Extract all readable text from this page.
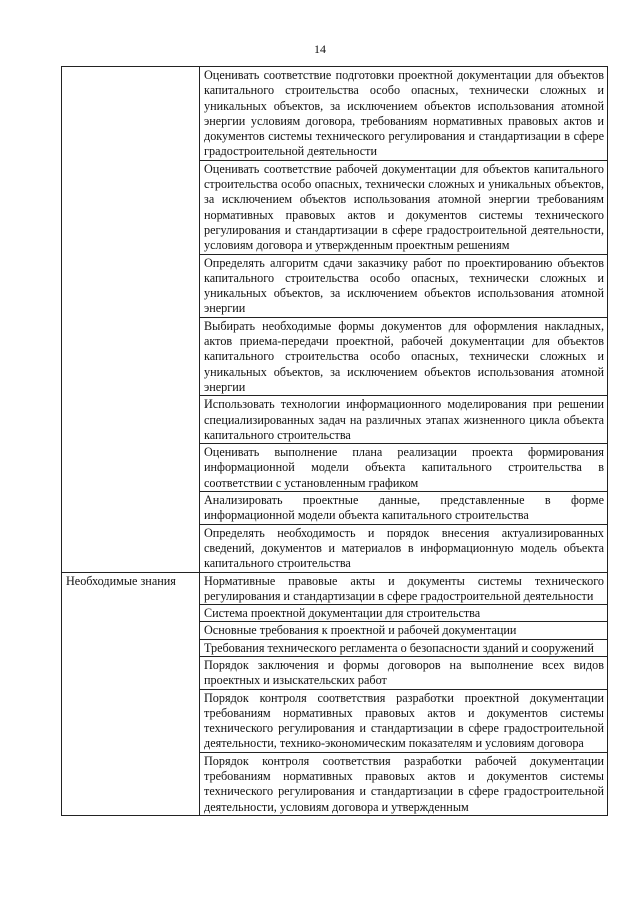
14

	Оценивать соответствие подготовки проектной документации для объектов капитального строительства особо опасных, технически сложных и уникальных объектов, за исключением объектов использования атомной энергии условиям договора, требованиям нормативных правовых актов и документов системы технического регулирования и стандартизации в сфере градостроительной деятельности

	Оценивать соответствие рабочей документации для объектов капитального строительства особо опасных, технически сложных и уникальных объектов, за исключением объектов использования атомной энергии требованиям нормативных правовых актов и документов системы технического регулирования и стандартизации в сфере градостроительной деятельности, условиям договора и утвержденным проектным решениям

	Определять алгоритм сдачи заказчику работ по проектированию объектов капитального строительства особо опасных, технически сложных и уникальных объектов, за исключением объектов использования атомной энергии

	Выбирать необходимые формы документов для оформления накладных, актов приема-передачи проектной, рабочей документации для объектов капитального строительства особо опасных, технически сложных и уникальных объектов, за исключением объектов использования атомной энергии

	Использовать технологии информационного моделирования при решении специализированных задач на различных этапах жизненного цикла объекта капитального строительства

	Оценивать выполнение плана реализации проекта формирования информационной модели объекта капитального строительства в соответствии с установленным графиком

	Анализировать проектные данные, представленные в форме информационной модели объекта капитального строительства

	Определять необходимость и порядок внесения актуализированных сведений, документов и материалов в информационную модель объекта капитального строительства

Необходимые знания	Нормативные правовые акты и документы системы технического регулирования и стандартизации в сфере градостроительной деятельности

	Система проектной документации для строительства

	Основные требования к проектной и рабочей документации

	Требования технического регламента о безопасности зданий и сооружений

	Порядок заключения и формы договоров на выполнение всех видов проектных и изыскательских работ

	Порядок контроля соответствия разработки проектной документации требованиям нормативных правовых актов и документов системы технического регулирования и стандартизации в сфере градостроительной деятельности, технико-экономическим показателям и условиям договора

	Порядок контроля соответствия разработки рабочей документации требованиям нормативных правовых актов и документов системы технического регулирования и стандартизации в сфере градостроительной деятельности, условиям договора и утвержденным
